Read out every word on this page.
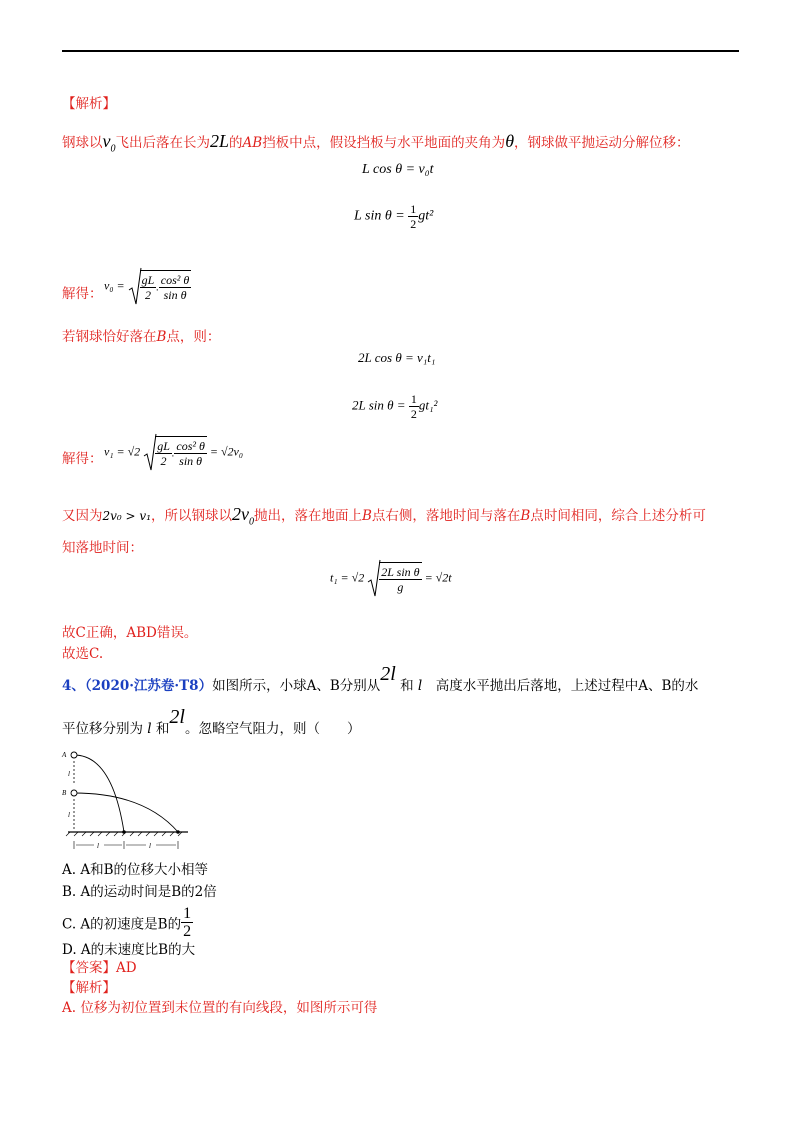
【解析】
钢球以$v_0$飞出后落在长为2L的AB挡板中点，假设挡板与水平地面的夹角为θ，钢球做平抛运动分解位移：
L cos θ = v₀t
L $\sin \theta = \frac{1}{2} gt^2$
解得：
$v_0 = \frac{gL}{2}$ . $\frac{\text{cos² θ}}{\text{sin θ}}$
若钢球恰好落在B点，则：
2L cos θ = v₁t₁
2L $\sin \theta = \frac{1}{2} gt_1^2$
解得： $v_1 = √2 \frac{gL}{2}$ . $\frac{\text{cos² θ}}{\text{sin θ}} = √2v_0$
又因为2v₀ > v₁，所以钢球以$2v_0$抛出，落在地面上B点右侧，落地时间与落在B点时间相同，综合上述分析可
知落地时间：
$t_1 = √2 \frac{\text{2L sin θ}}{g} = √2t$
故C正确，ABD错误。
故选C.
4、（2020·江苏卷·T8）如图所示，小球A、B分别从2l 和 l　 高度水平抛出后落地，上述过程中A、B的水
平位移分别为 l 和2l。忽略空气阻力，则（　　）
A
B
l
l
l	l
A. A和B的位移大小相等
B. A的运动时间是B的2倍
C. A的初速度是B的 $\frac{1}{2}$
D. A的末速度比B的大
【答案】AD
【解析】
A. 位移为初位置到末位置的有向线段，如图所示可得
